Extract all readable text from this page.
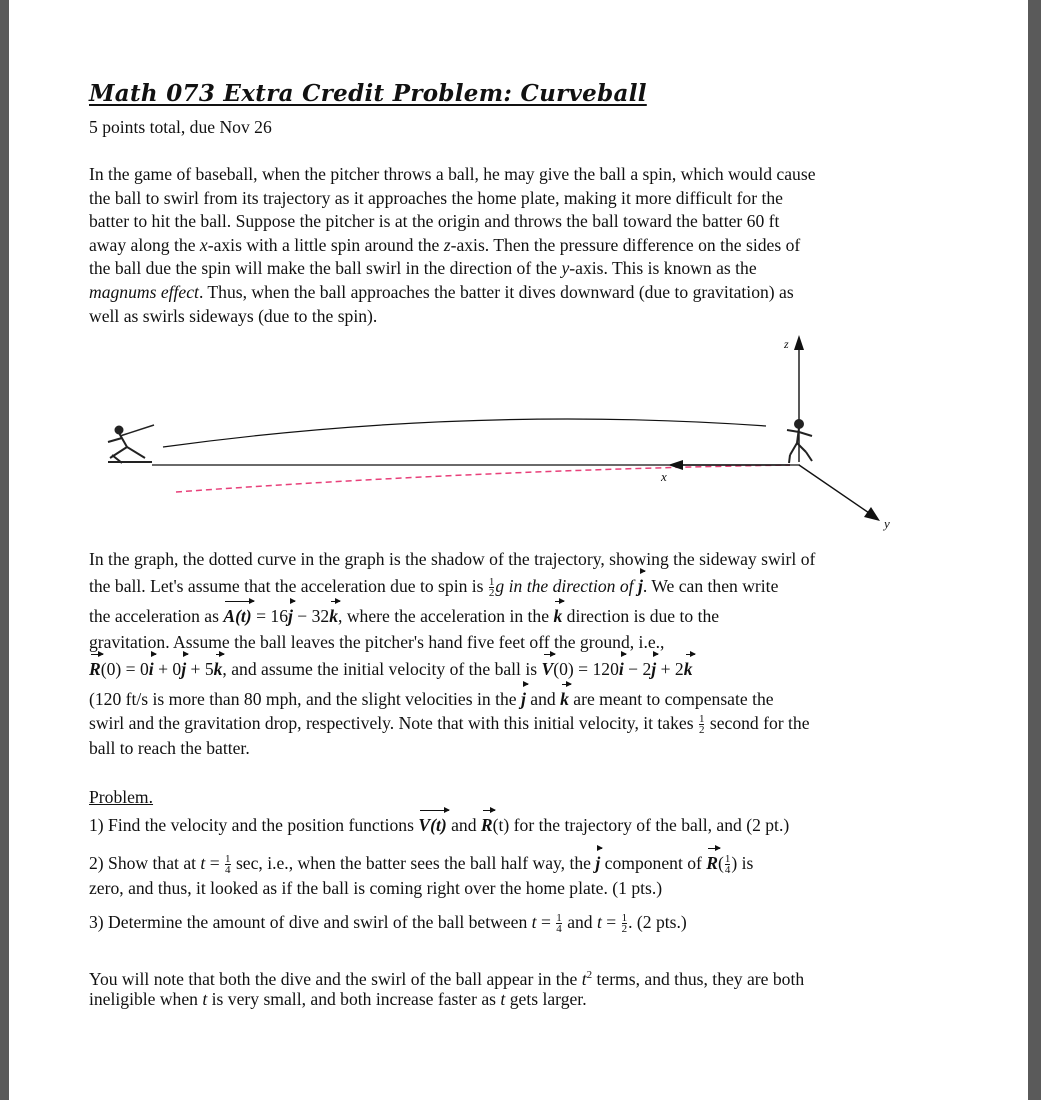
Math 073 Extra Credit Problem: Curveball
5 points total, due Nov 26

In the game of baseball, when the pitcher throws a ball, he may give the ball a spin, which would cause

the ball to swirl from its trajectory as it approaches the home plate, making it more difficult for the

batter to hit the ball. Suppose the pitcher is at the origin and throws the ball toward the batter 60 ft

away along the x-axis with a little spin around the z-axis. Then the pressure difference on the sides of

the ball due the spin will make the ball swirl in the direction of the y-axis. This is known as the

magnums effect. Thus, when the ball approaches the batter it dives downward (due to gravitation) as

well as swirls sideways (due to the spin).

z
x
y
In the graph, the dotted curve in the graph is the shadow of the trajectory, showing the sideway swirl of
the ball. Let's assume that the acceleration due to spin is $\frac{1}{2}$ g in the direction of j. We can then write
the acceleration as A(t) = 16j − 32k, where the acceleration in the k direction is due to the
gravitation. Assume the ball leaves the pitcher's hand five feet off the ground, i.e.,
R(0) = 0i + 0j + 5k, and assume the initial velocity of the ball is V(0) = 120i − 2j + 2k
(120 ft/s is more than 80 mph, and the slight velocities in the j and k are meant to compensate the
swirl and the gravitation drop, respectively. Note that with this initial velocity, it takes $\frac{1}{2}$ second for the
ball to reach the batter.
Problem.
1) Find the velocity and the position functions V(t) and R(t) for the trajectory of the ball, and (2 pt.)
2) Show that at $t = \frac{1}{4} \sec$, i.e., when the batter sees the ball half way, the j component of $R( \frac{1}{4}$ ) is
zero, and thus, it looked as if the ball is coming right over the home plate. (1 pts.)
3) Determine the amount of dive and swirl of the ball between $t = \frac{1}{4}$ and $t = \frac{1}{2}$ . (2 pts.)
You will note that both the dive and the swirl of the ball appear in the $t^2$ terms, and thus, they are both
ineligible when t is very small, and both increase faster as t gets larger.
